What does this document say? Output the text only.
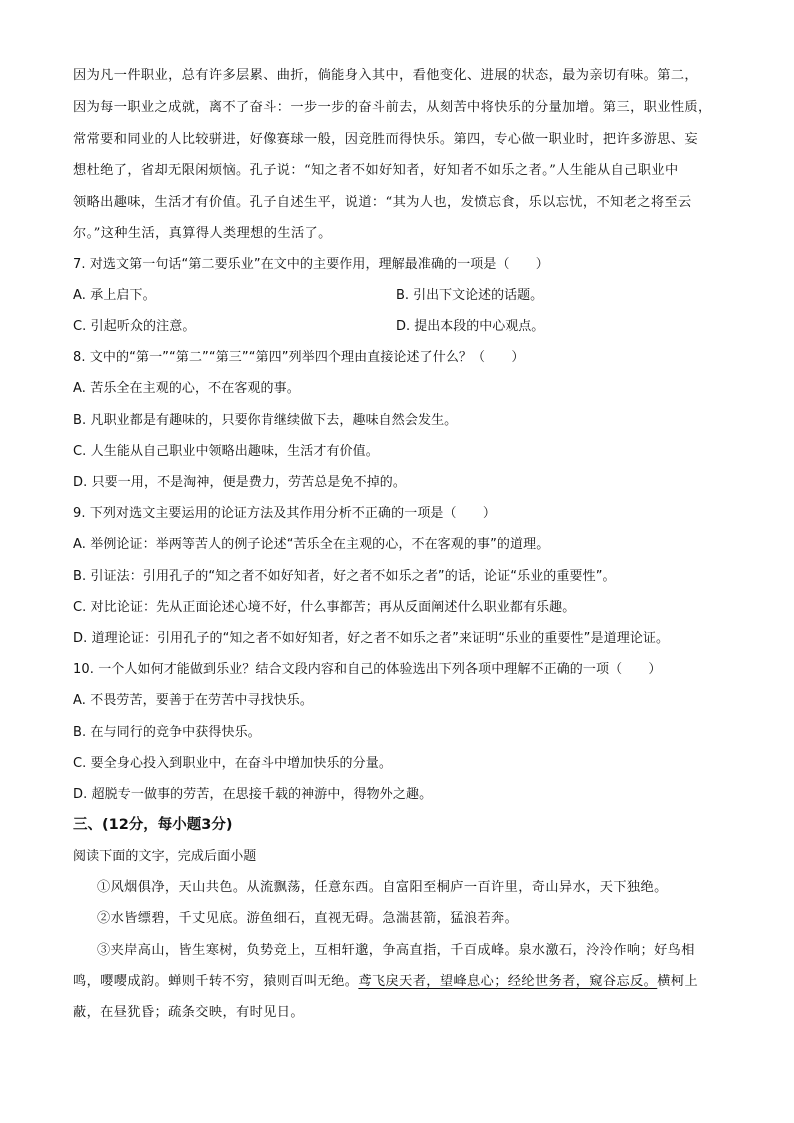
因为凡一件职业，总有许多层累、曲折，倘能身入其中，看他变化、进展的状态，最为亲切有味。第二，
因为每一职业之成就，离不了奋斗：一步一步的奋斗前去，从刻苦中将快乐的分量加增。第三，职业性质，
常常要和同业的人比较骈进，好像赛球一般，因竞胜而得快乐。第四，专心做一职业时，把许多游思、妄
想杜绝了，省却无限闲烦恼。孔子说：“知之者不如好知者，好知者不如乐之者。”人生能从自己职业中
领略出趣味，生活才有价值。孔子自述生平，说道：“其为人也，发愤忘食，乐以忘忧，不知老之将至云
尔。”这种生活，真算得人类理想的生活了。
7. 对选文第一句话“第二要乐业”在文中的主要作用，理解最准确的一项是（　　）
A. 承上启下。	B. 引出下文论述的话题。
C. 引起听众的注意。	D. 提出本段的中心观点。
8. 文中的“第一”“第二”“第三”“第四”列举四个理由直接论述了什么？（　　）
A. 苦乐全在主观的心，不在客观的事。
B. 凡职业都是有趣味的，只要你肯继续做下去，趣味自然会发生。
C. 人生能从自己职业中领略出趣味，生活才有价值。
D. 只要一用，不是淘神，便是费力，劳苦总是免不掉的。
9. 下列对选文主要运用的论证方法及其作用分析不正确的一项是（　　）
A. 举例论证：举两等苦人的例子论述“苦乐全在主观的心，不在客观的事”的道理。
B. 引证法：引用孔子的“知之者不如好知者，好之者不如乐之者”的话，论证“乐业的重要性”。
C. 对比论证：先从正面论述心境不好，什么事都苦；再从反面阐述什么职业都有乐趣。
D. 道理论证：引用孔子的“知之者不如好知者，好之者不如乐之者”来证明“乐业的重要性”是道理论证。
10. 一个人如何才能做到乐业？结合文段内容和自己的体验选出下列各项中理解不正确的一项（　　）
A. 不畏劳苦，要善于在劳苦中寻找快乐。
B. 在与同行的竞争中获得快乐。
C. 要全身心投入到职业中，在奋斗中增加快乐的分量。
D. 超脱专一做事的劳苦，在思接千载的神游中，得物外之趣。
三、(12分，每小题3分)
阅读下面的文字，完成后面小题
①风烟俱净，天山共色。从流飘荡，任意东西。自富阳至桐庐一百许里，奇山异水，天下独绝。
②水皆缥碧，千丈见底。游鱼细石，直视无碍。急湍甚箭，猛浪若奔。
③夹岸高山，皆生寒树，负势竞上，互相轩邈，争高直指，千百成峰。泉水激石，泠泠作响；好鸟相
鸣，嘤嘤成韵。蝉则千转不穷，猿则百叫无绝。鸢飞戾天者，望峰息心；经纶世务者，窥谷忘反。横柯上
蔽，在昼犹昏；疏条交映，有时见日。
